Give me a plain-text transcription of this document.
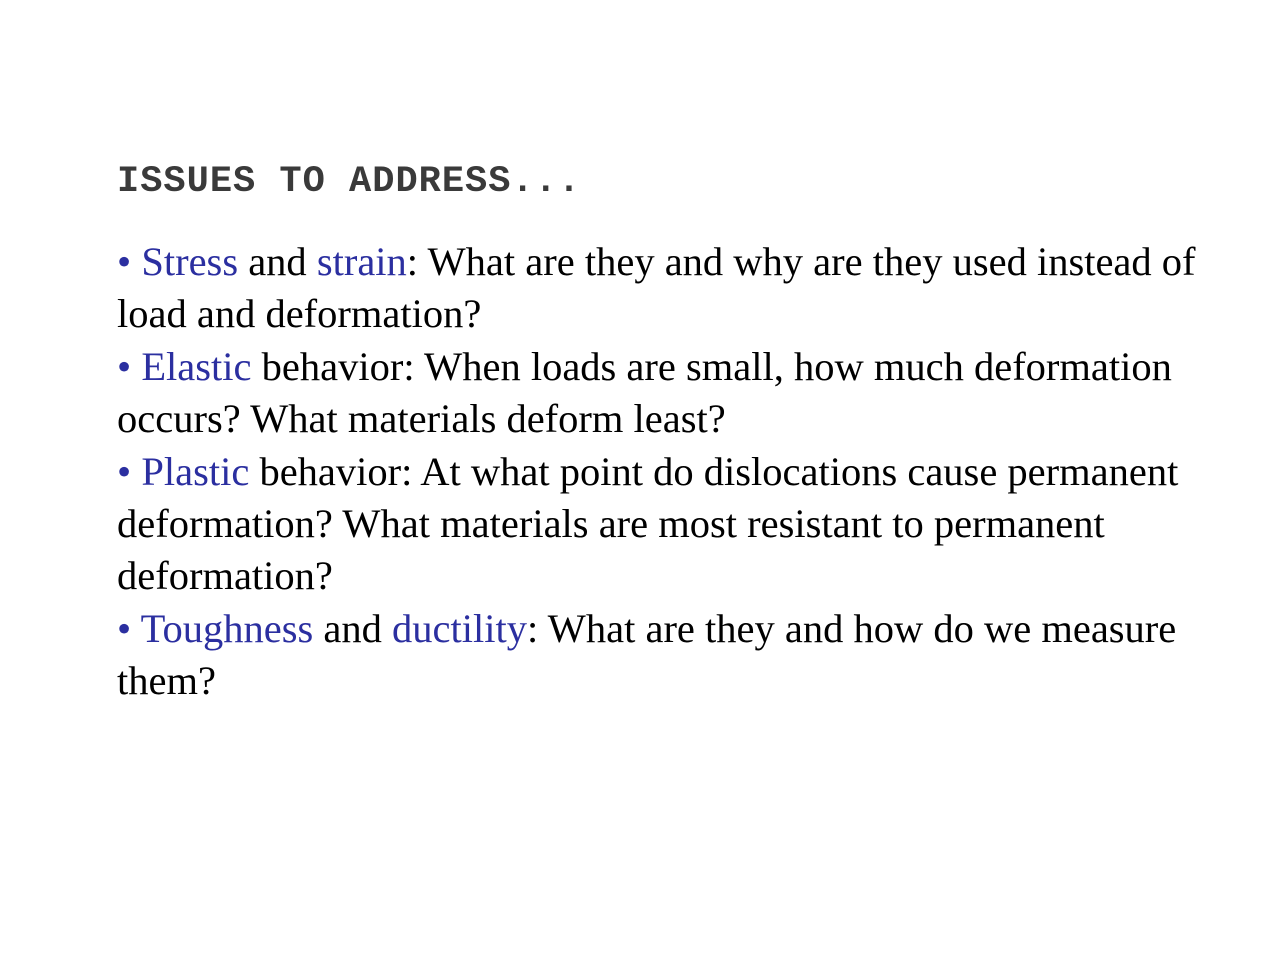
ISSUES TO ADDRESS...
• Stress and strain: What are they and why are they used instead of load and deformation?
• Elastic behavior: When loads are small, how much deformation occurs? What materials deform least?
• Plastic behavior: At what point do dislocations cause permanent deformation? What materials are most resistant to permanent deformation?
• Toughness and ductility: What are they and how do we measure them?
